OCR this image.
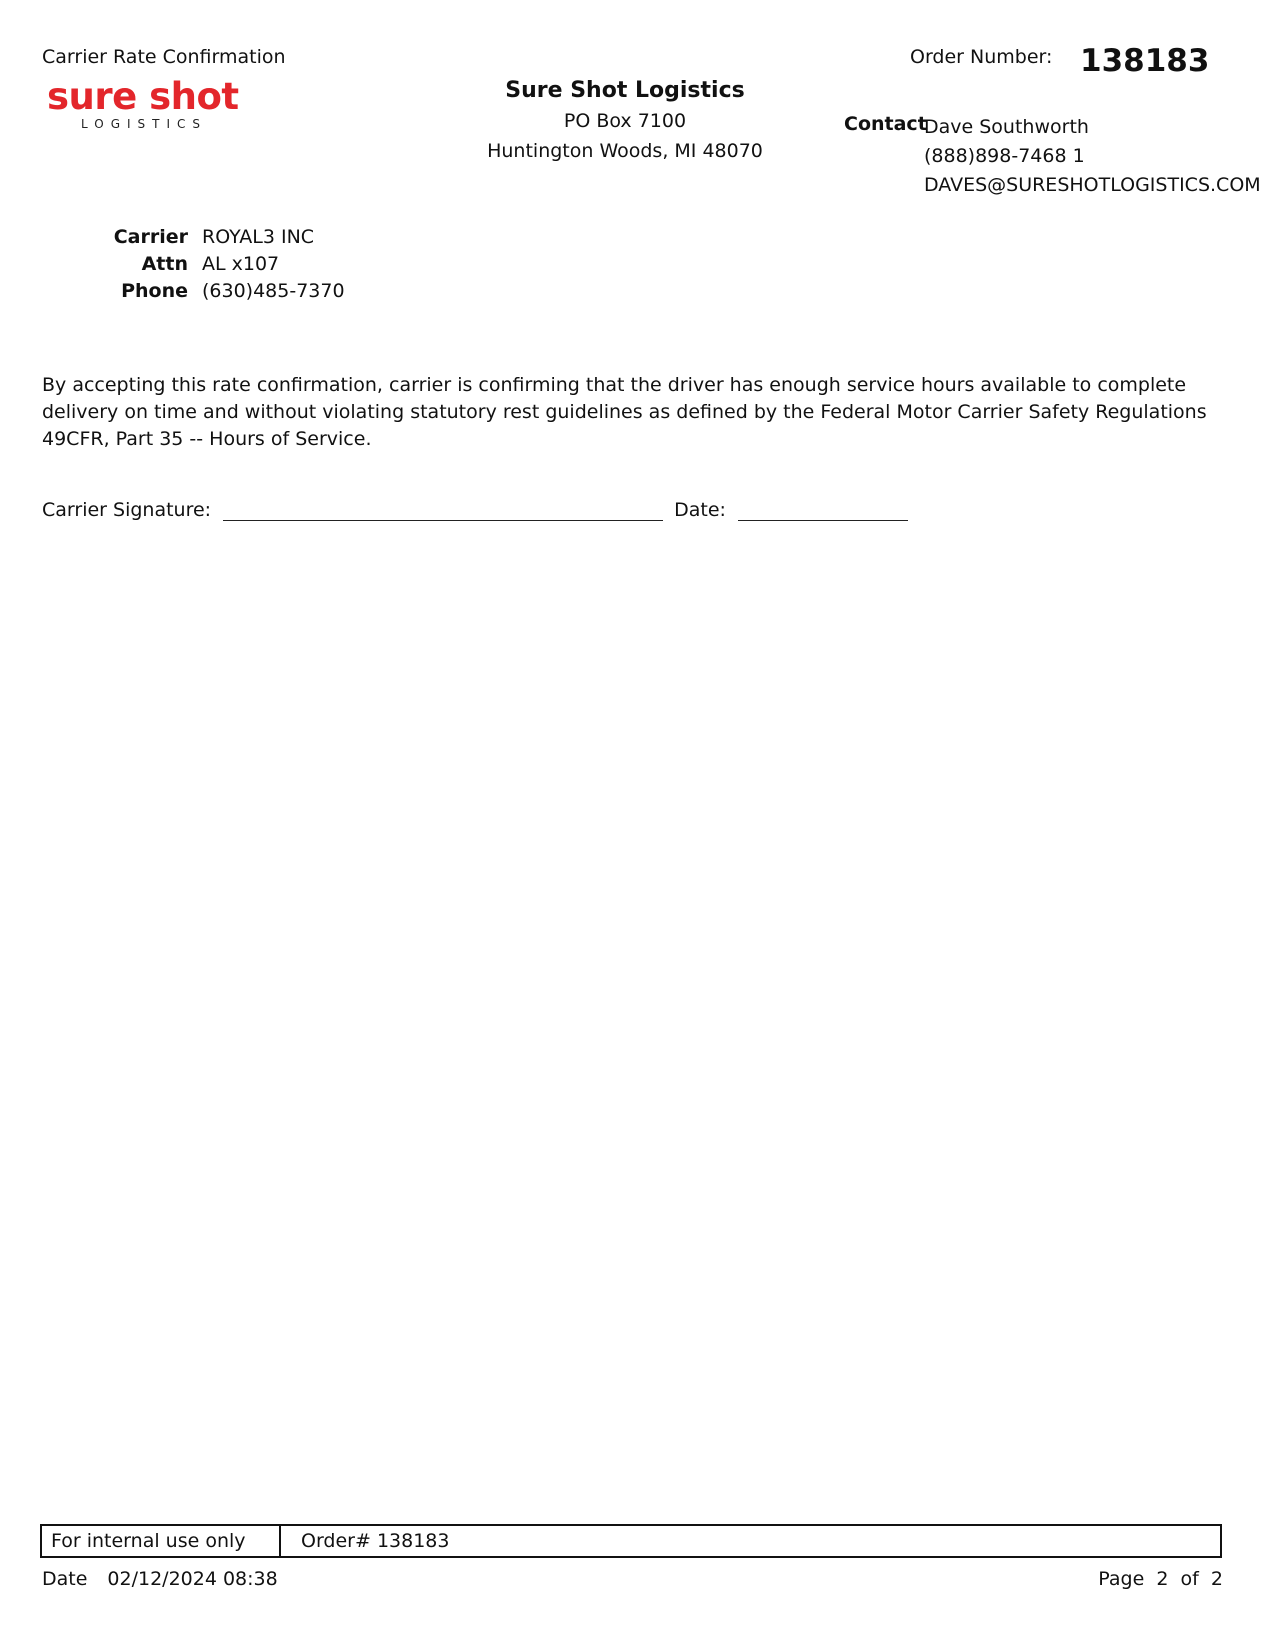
Carrier Rate Confirmation
sure shot
LOGISTICS
Sure Shot Logistics
PO Box 7100
Huntington Woods, MI 48070
Order Number: 138183
Contact
Dave Southworth
(888)898-7468 1
DAVES@SURESHOTLOGISTICS.COM
Carrier ROYAL3 INC
Attn AL x107
Phone (630)485-7370
By accepting this rate confirmation, carrier is confirming that the driver has enough service hours available to complete delivery on time and without violating statutory rest guidelines as defined by the Federal Motor Carrier Safety Regulations 49CFR, Part 35 -- Hours of Service.
Carrier Signature:	Date:
For internal use only	Order# 138183
Date 02/12/2024 08:38	Page  2  of  2
